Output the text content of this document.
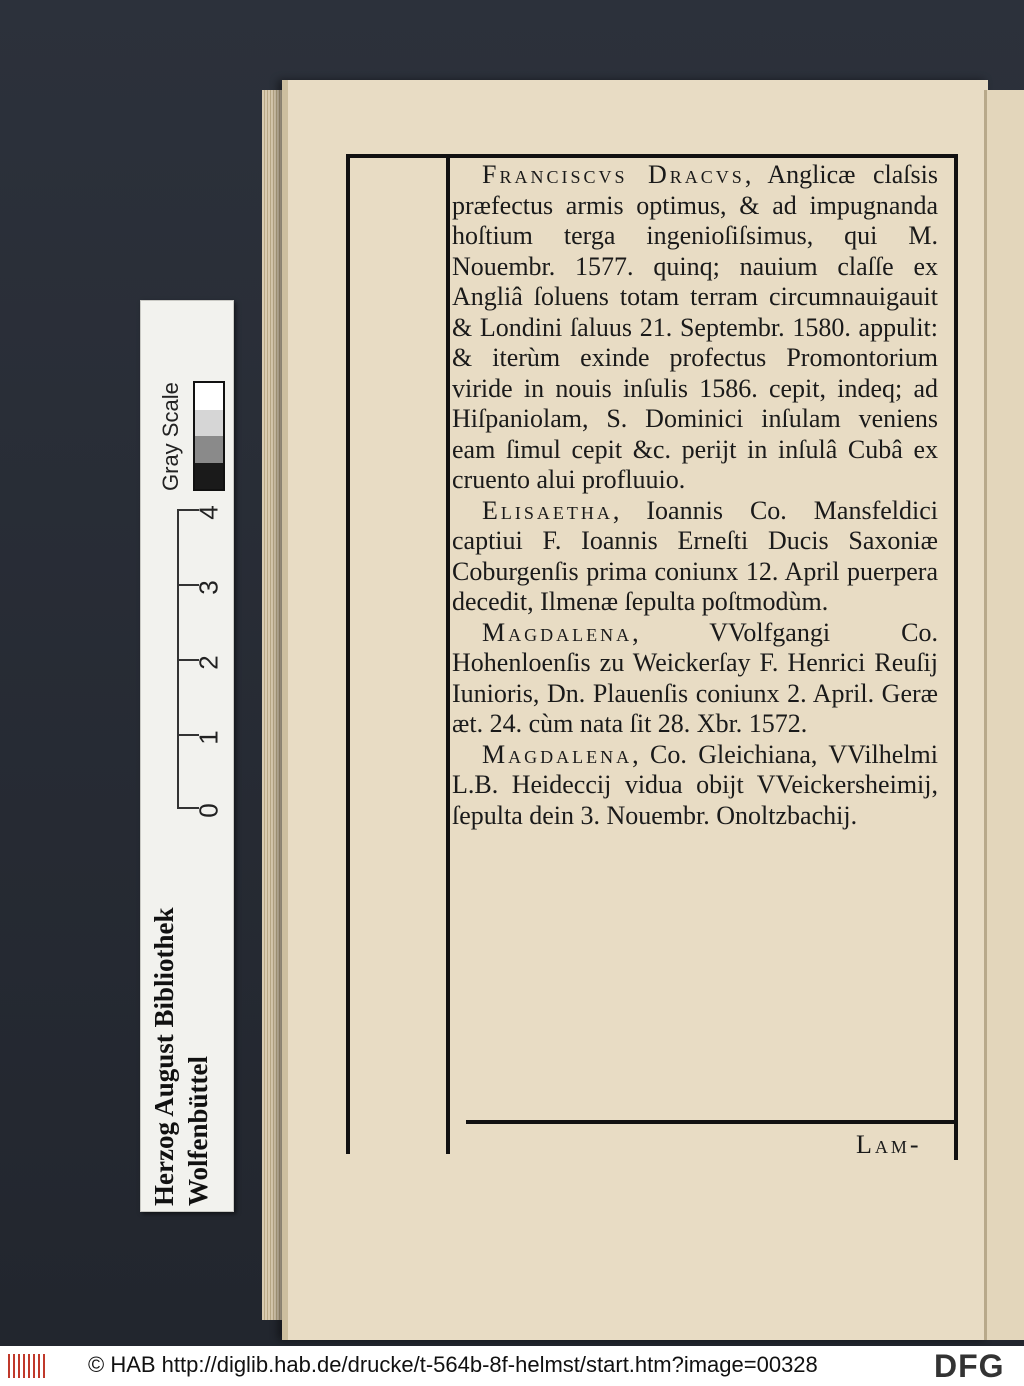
Gray Scale
4
3
2
1
0
Herzog August Bibliothek Wolfenbüttel

Franciscvs Dracvs, Anglicæ claſsis præfectus armis optimus, & ad impugnanda hoſtium terga ingenioſiſsimus, qui M. Nouembr. 1577. quinq; nauium claſſe ex Angliâ ſoluens totam terram circumnauigauit & Londini ſaluus 21. Septembr. 1580. appulit: & iterùm exinde profectus Promontorium viride in nouis inſulis 1586. cepit, indeq; ad Hiſpaniolam, S. Dominici inſulam veniens eam ſimul cepit &c. perijt in inſulâ Cubâ ex cruento alui profluuio.

Elisaetha, Ioannis Co. Mansfeldici captiui F. Ioannis Erneſti Ducis Saxoniæ Coburgenſis prima coniunx 12. April puerpera decedit, Ilmenæ ſepulta poſtmodùm.

Magdalena, VVolfgangi Co. Hohenloenſis zu Weickerſay F. Henrici Reuſij Iunioris, Dn. Plauenſis coniunx 2. April. Geræ æt. 24. cùm nata ſit 28. Xbr. 1572.

Magdalena, Co. Gleichiana, VVilhelmi L.B. Heideccij vidua obijt VVeickersheimij, ſepulta dein 3. Nouembr. Onoltzbachij.

Lam-
© HAB http://diglib.hab.de/drucke/t-564b-8f-helmst/start.htm?image=00328	DFG
